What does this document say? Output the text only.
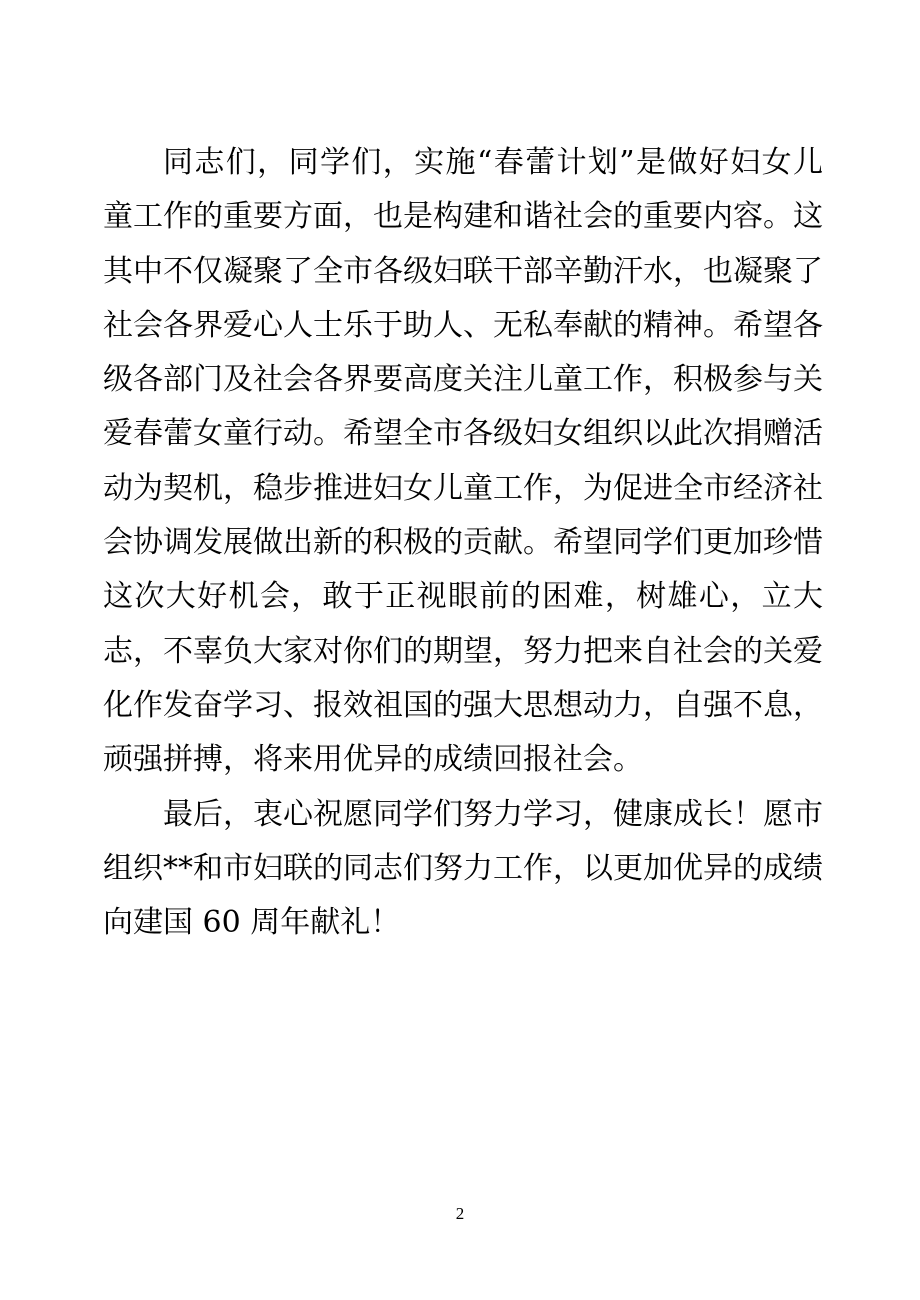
同志们，同学们，实施“春蕾计划”是做好妇女儿童工作的重要方面，也是构建和谐社会的重要内容。这其中不仅凝聚了全市各级妇联干部辛勤汗水，也凝聚了社会各界爱心人士乐于助人、无私奉献的精神。希望各级各部门及社会各界要高度关注儿童工作，积极参与关爱春蕾女童行动。希望全市各级妇女组织以此次捐赠活动为契机，稳步推进妇女儿童工作，为促进全市经济社会协调发展做出新的积极的贡献。希望同学们更加珍惜这次大好机会，敢于正视眼前的困难，树雄心，立大志，不辜负大家对你们的期望，努力把来自社会的关爱化作发奋学习、报效祖国的强大思想动力，自强不息，顽强拼搏，将来用优异的成绩回报社会。

最后，衷心祝愿同学们努力学习，健康成长！愿市组织**和市妇联的同志们努力工作，以更加优异的成绩向建国 60 周年献礼！

2
